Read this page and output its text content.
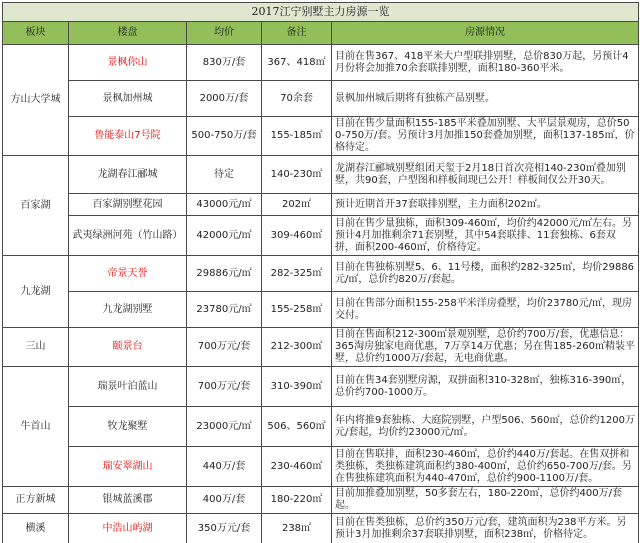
2017江宁别墅主力房源一览				
板块	楼盘	均价	备注	房源情况
方山大学城	景枫你山	830万/套	367、418㎡	目前在售367、418平米大户型联排别墅，总价830万起，另预计4月份将会加推70余套联排别墅，面积180-360平米。
	景枫加州城	2000万/套	70余套	景枫加州城后期将有独栋产品别墅。
	鲁能泰山7号院	500-750万/套	155-185㎡	目前在售少量面积155-185平米叠加别墅、大平层景观房，总价500-750万/套。另预计3月加推150套叠加别墅，面积137-185㎡，价格待定。
百家湖	龙湖春江郦城	待定	140-230㎡	龙湖春江郦城别墅组团天玺于2月18日首次亮相140-230㎡叠加别墅，共90套，户型图和样板间现已公开！样板间仅公开30天。
	百家湖别墅花园	43000元/㎡	202㎡	预计近期首开37套联排别墅，主力面积202㎡。
	武夷绿洲河苑（竹山路）	42000元/㎡	309-460㎡	目前在售少量独栋，面积309-460㎡，均价约42000元/㎡左右。另预计4月加推剩余71套别墅，其中54套联排、11套独栋、6套双拼，面积200-460㎡，价格待定。
九龙湖	帝景天誉	29886元/㎡	282-325㎡	目前在售独栋别墅5、6、11号楼，面积约282-325㎡，均价29886元/㎡，总价约820万/套起。
	九龙湖别墅	23780元/㎡	155-258㎡	目前在售部分面积155-258平米洋房叠墅，均价23780元/㎡，现房交付。
三山	颐景台	700万元/套	212-300㎡	目前在售面积212-300㎡景观别墅，总价约700万/套，优惠信息：365淘房独家电商优惠，7万享14万优惠；另在售185-260㎡精装平墅，总价约1000万/套起，无电商优惠。
牛首山	瑞景叶泊蓝山	700万元/套	310-390㎡	目前在售34套别墅房源，双拼面积310-328㎡，独栋316-390㎡，总价约700-1000万。
	牧龙聚墅	23000元/㎡	506、560㎡	年内将推9套独栋、大庭院别墅，户型506、560㎡，总价约1200万元/套起，均价约23000元/㎡。
	瑞安翠湖山	440万/套	230-460㎡	目前在售联排，面积230-460㎡，总价约440万/套起。在售双拼和类独栋，类独栋建筑面积约380-400㎡，总价约650-700万/套。另在售独栋建筑面积为440-470㎡，总价约900-1100万/套。
正方新城	银城蓝溪郡	400万/套	180-220㎡	目前加推叠加别墅，50多套左右，180-220㎡，总价约400万/套起。
横溪	中浩山屿湖	350万元/套	238㎡	目前在售类独栋，总价约350万元/套，建筑面积为238平方米。另预计3月加推剩余37套联排别墅，面积238㎡，价格待定。
